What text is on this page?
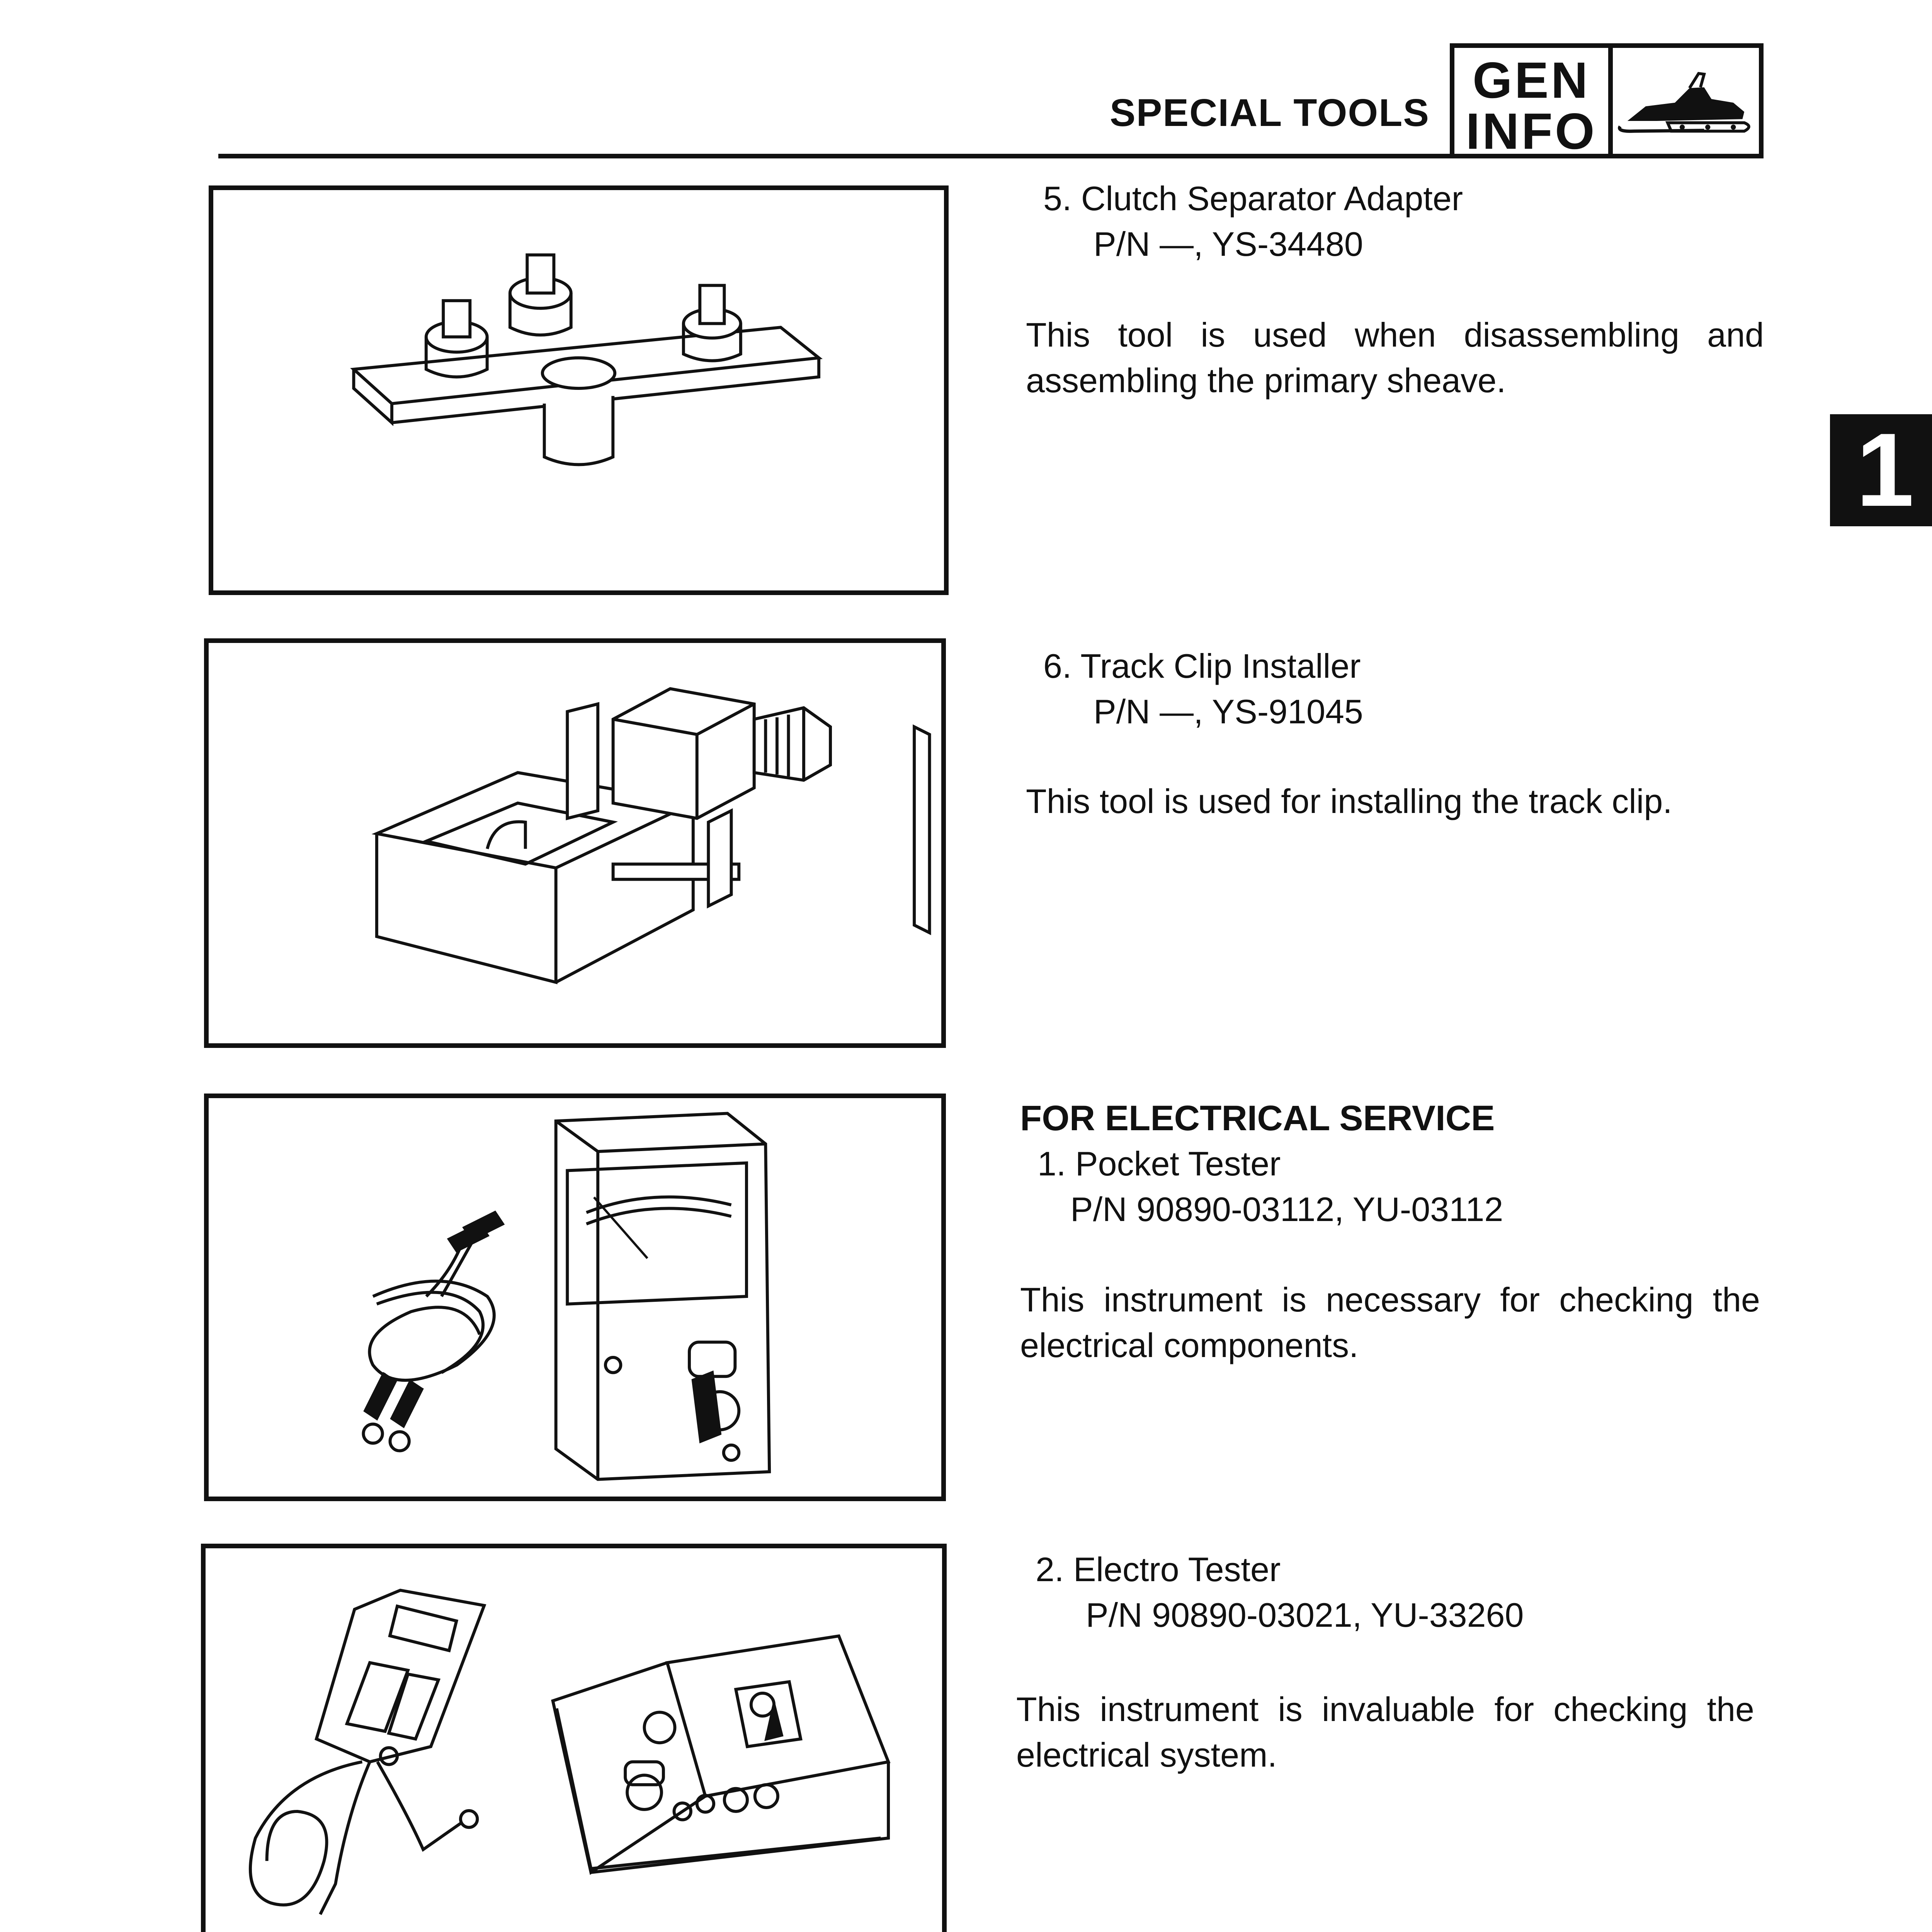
SPECIAL TOOLS
GEN
INFO
1
5. Clutch Separator Adapter
P/N —, YS-34480
This tool is used when disassembling and assembling the primary sheave.
6. Track Clip Installer
P/N —, YS-91045
This tool is used for installing the track clip.
FOR ELECTRICAL SERVICE
1. Pocket Tester
P/N 90890-03112, YU-03112
This instrument is necessary for checking the electrical components.
2. Electro Tester
P/N 90890-03021, YU-33260
This instrument is invaluable for checking the electrical system.
